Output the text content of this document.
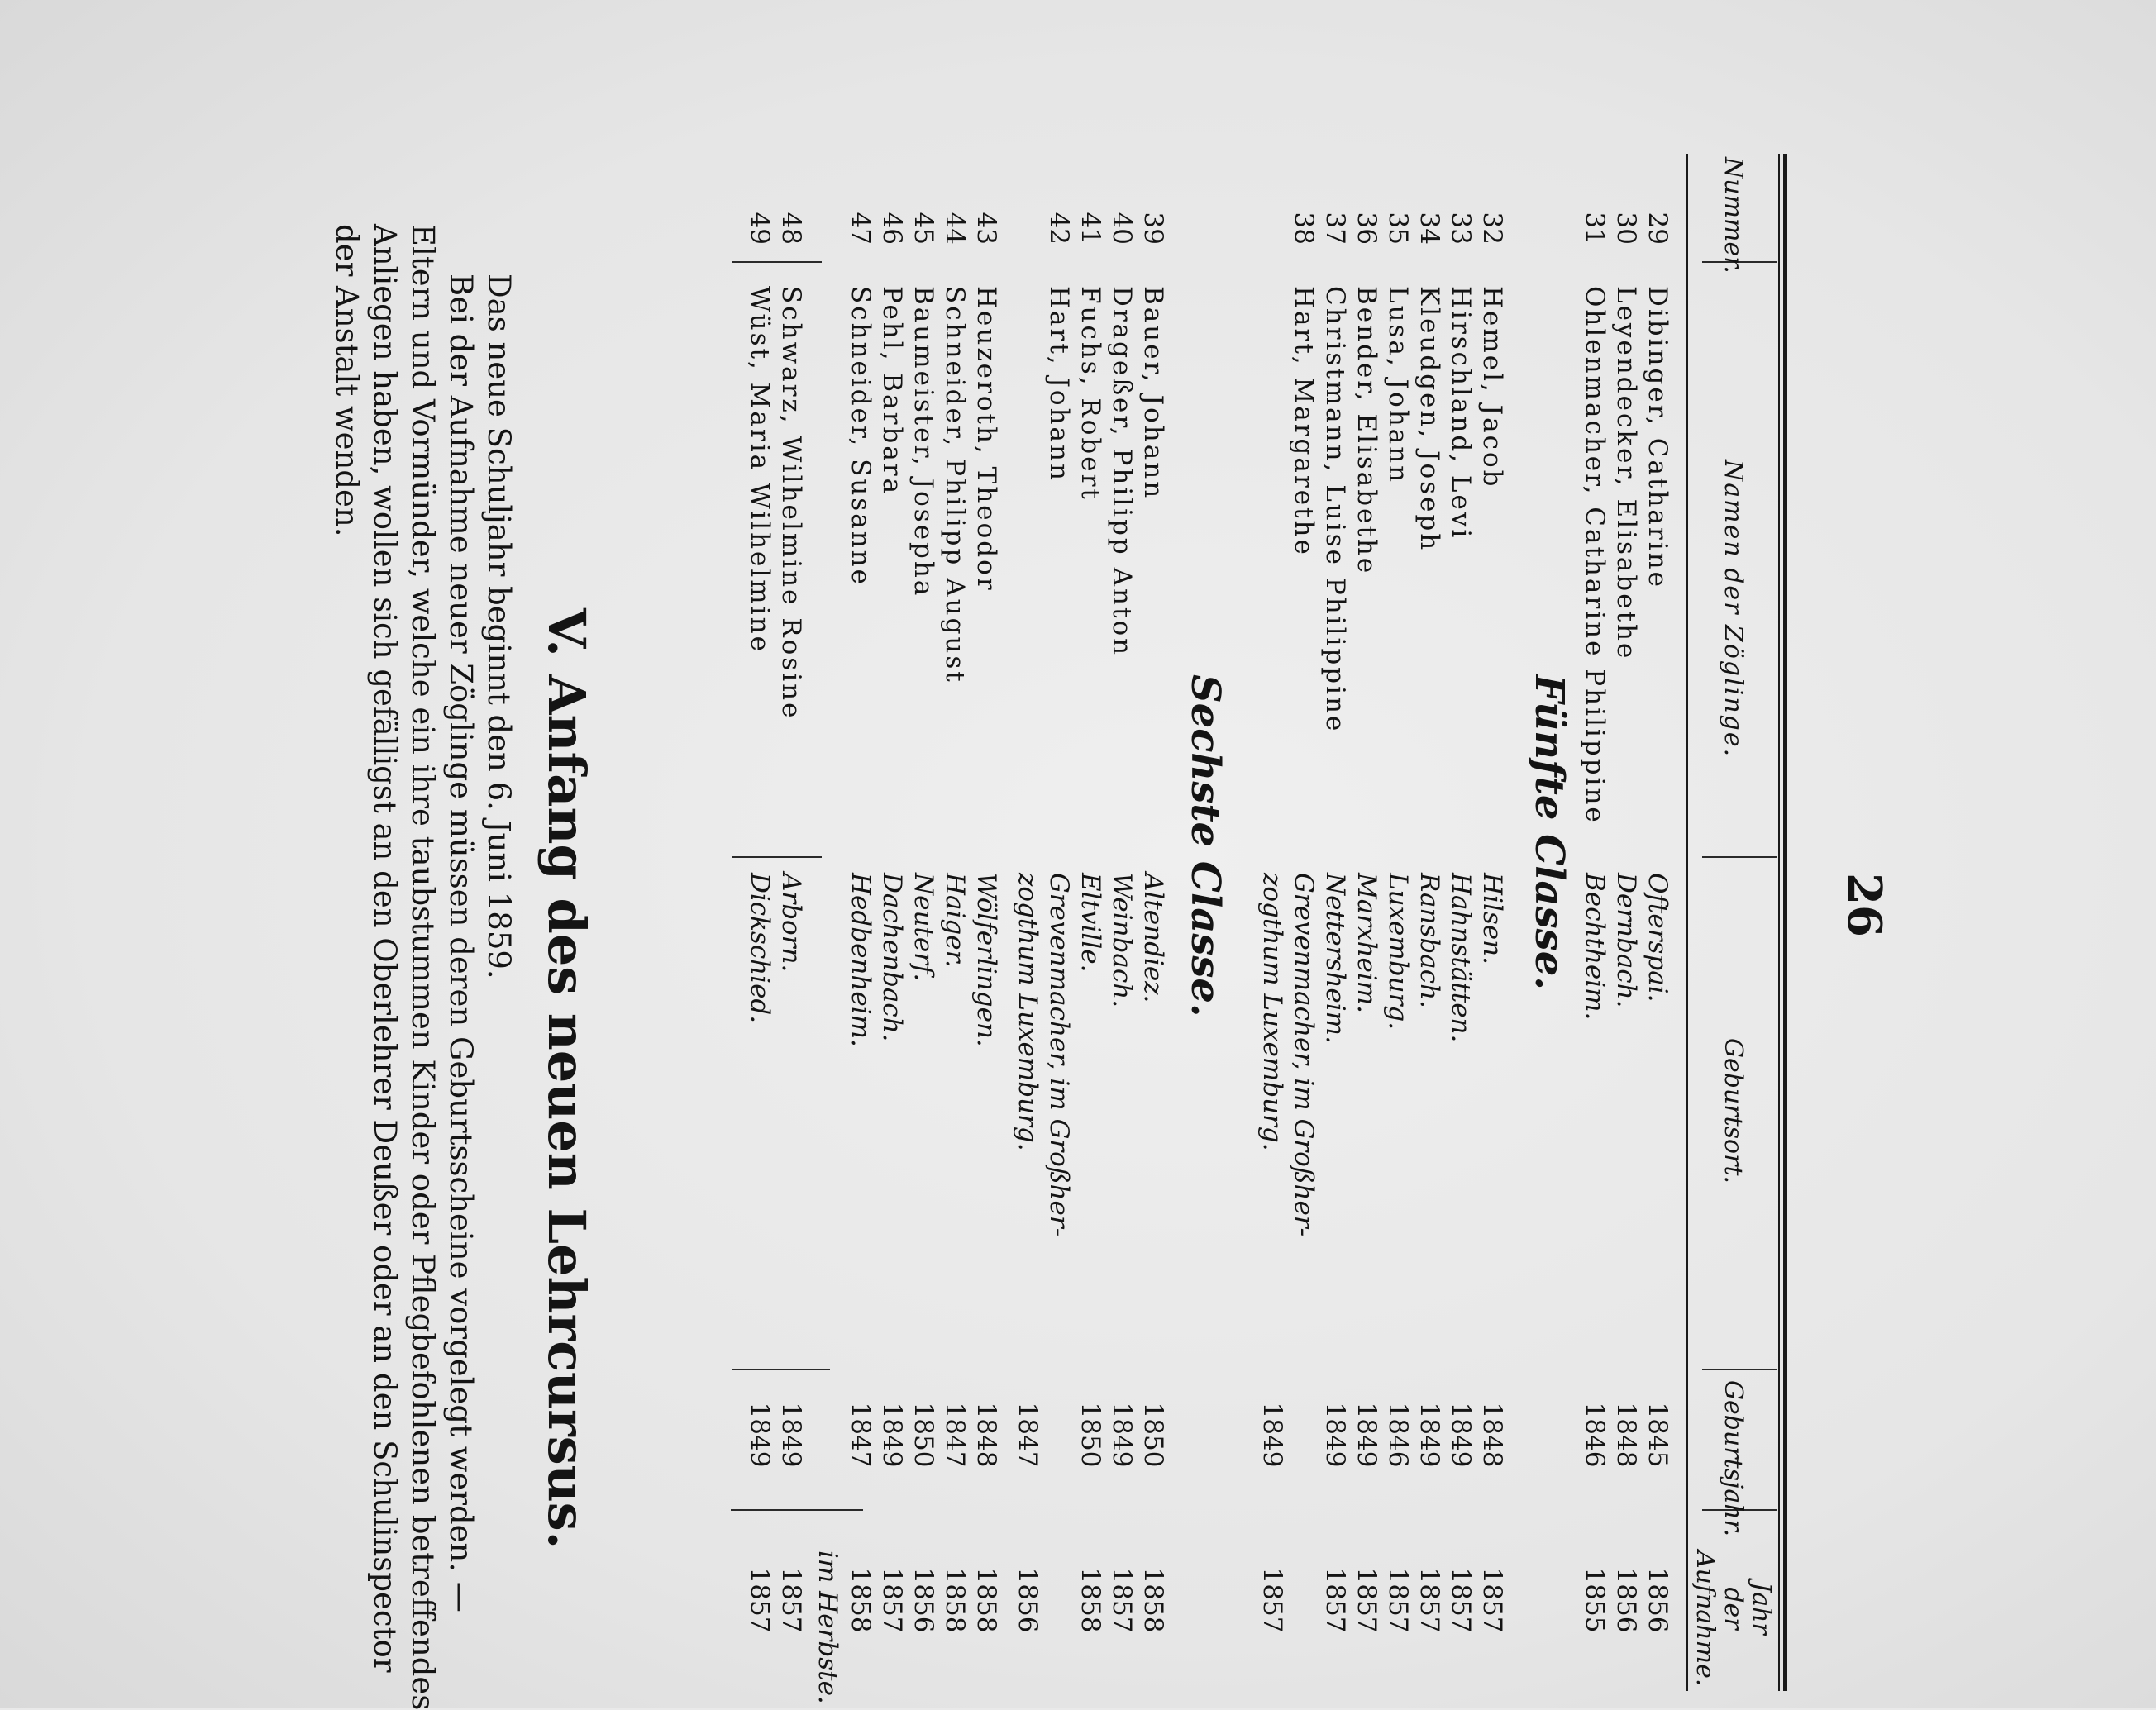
26
Nummer.
Namen der Zöglinge.
Geburtsort.
Geburtsjahr.
Jahr
der
Aufnahme.
29
Dibinger, Catharine
Ofterspai.
1845
1856
30
Leyendecker, Elisabethe
Dernbach.
1848
1856
31
Ohlenmacher, Catharine Philippine
Bechtheim.
1846
1855
Fünfte Classe.
32
Hemel, Jacob
Hilsen.
1848
1857
33
Hirschland, Levi
Hahnstätten.
1849
1857
34
Kleudgen, Joseph
Ransbach.
1849
1857
35
Lusa, Johann
Luxemburg.
1846
1857
36
Bender, Elisabethe
Marxheim.
1849
1857
37
Christmann, Luise Philippine
Nettersheim.
1849
1857
38
Hart, Margarethe
Grevenmacher, im Großher-
zogthum Luxemburg.
1849
1857
Sechste Classe.
39
Bauer, Johann
Altendiez.
1850
1858
40
Drageßer, Philipp Anton
Weinbach.
1849
1857
41
Fuchs, Robert
Eltville.
1850
1858
42
Hart, Johann
Grevenmacher, im Großher-
zogthum Luxemburg.
1847
1856
43
Heuzeroth, Theodor
Wölferlingen.
1848
1858
44
Schneider, Philipp August
Haiger.
1847
1858
45
Baumeister, Josepha
Neuterf.
1850
1856
46
Pehl, Barbara
Dachenbach.
1849
1857
47
Schneider, Susanne
Hedbenheim.
1847
1858
im Herbste.
48
Schwarz, Wilhelmine Rosine
Arborn.
1849
1857
49
Wüst, Maria Wilhelmine
Dickschied.
1849
1857
V. Anfang des neuen Lehrcursus.
Das neue Schuljahr beginnt den 6. Juni 1859.
Bei der Aufnahme neuer Zöglinge müssen deren Geburtsscheine vorgelegt werden. —
Eltern und Vormünder, welche ein ihre taubstummen Kinder oder Pflegbefohlenen betreffendes
Anliegen haben, wollen sich gefälligst an den Oberlehrer Deußer oder an den Schulinspector
der Anstalt wenden.
